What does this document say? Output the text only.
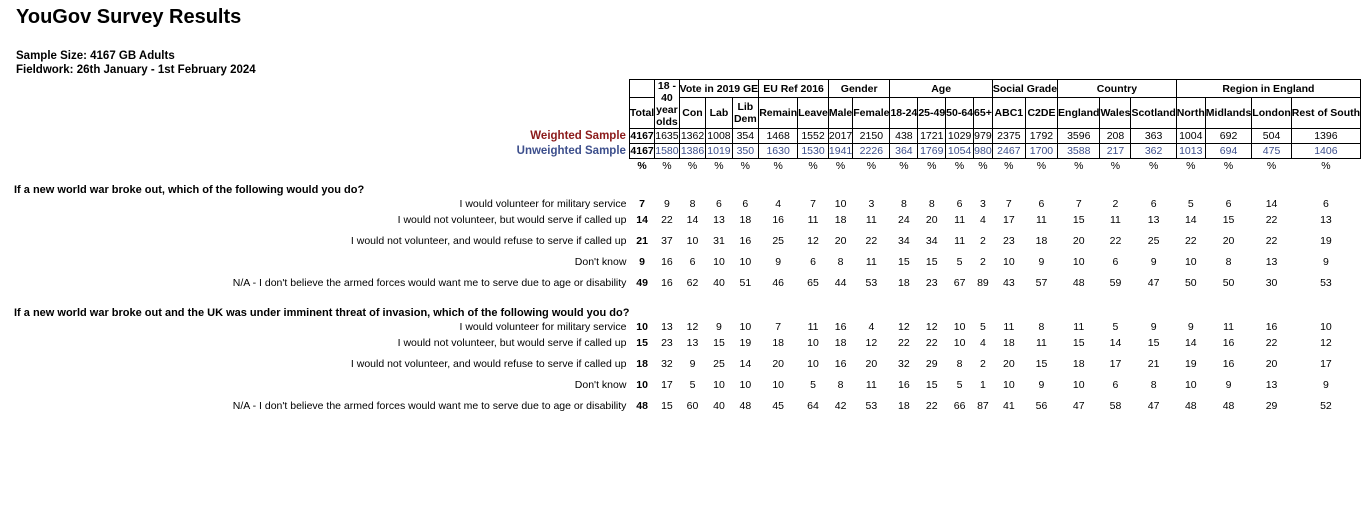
YouGov Survey Results
Sample Size: 4167 GB Adults
Fieldwork: 26th January - 1st February 2024
		18 - 40 year olds	Vote in 2019 GE			EU Ref 2016		Gender		Age				Social Grade		Country			Region in England			
	Total		Con	Lab	Lib Dem	Remain	Leave	Male	Female	18-24	25-49	50-64	65+	ABC1	C2DE	England	Wales	Scotland	North	Midlands	London	Rest of South
Weighted Sample	4167	1635	1362	1008	354	1468	1552	2017	2150	438	1721	1029	979	2375	1792	3596	208	363	1004	692	504	1396
Unweighted Sample	4167	1580	1386	1019	350	1630	1530	1941	2226	364	1769	1054	980	2467	1700	3588	217	362	1013	694	475	1406
	%	%	%	%	%	%	%	%	%	%	%	%	%	%	%	%	%	%	%	%	%	%

If a new world war broke out, which of the following would you do?																						
I would volunteer for military service	7	9	8	6	6	4	7	10	3	8	8	6	3	7	6	7	2	6	5	6	14	6
I would not volunteer, but would serve if called up	14	22	14	13	18	16	11	18	11	24	20	11	4	17	11	15	11	13	14	15	22	13
I would not volunteer, and would refuse to serve if called up	21	37	10	31	16	25	12	20	22	34	34	11	2	23	18	20	22	25	22	20	22	19
Don't know	9	16	6	10	10	9	6	8	11	15	15	5	2	10	9	10	6	9	10	8	13	9
N/A - I don't believe the armed forces would want me to serve due to age or disability	49	16	62	40	51	46	65	44	53	18	23	67	89	43	57	48	59	47	50	50	30	53

If a new world war broke out and the UK was under imminent threat of invasion, which of the following would you do?																						
I would volunteer for military service	10	13	12	9	10	7	11	16	4	12	12	10	5	11	8	11	5	9	9	11	16	10
I would not volunteer, but would serve if called up	15	23	13	15	19	18	10	18	12	22	22	10	4	18	11	15	14	15	14	16	22	12
I would not volunteer, and would refuse to serve if called up	18	32	9	25	14	20	10	16	20	32	29	8	2	20	15	18	17	21	19	16	20	17
Don't know	10	17	5	10	10	10	5	8	11	16	15	5	1	10	9	10	6	8	10	9	13	9
N/A - I don't believe the armed forces would want me to serve due to age or disability	48	15	60	40	48	45	64	42	53	18	22	66	87	41	56	47	58	47	48	48	29	52
